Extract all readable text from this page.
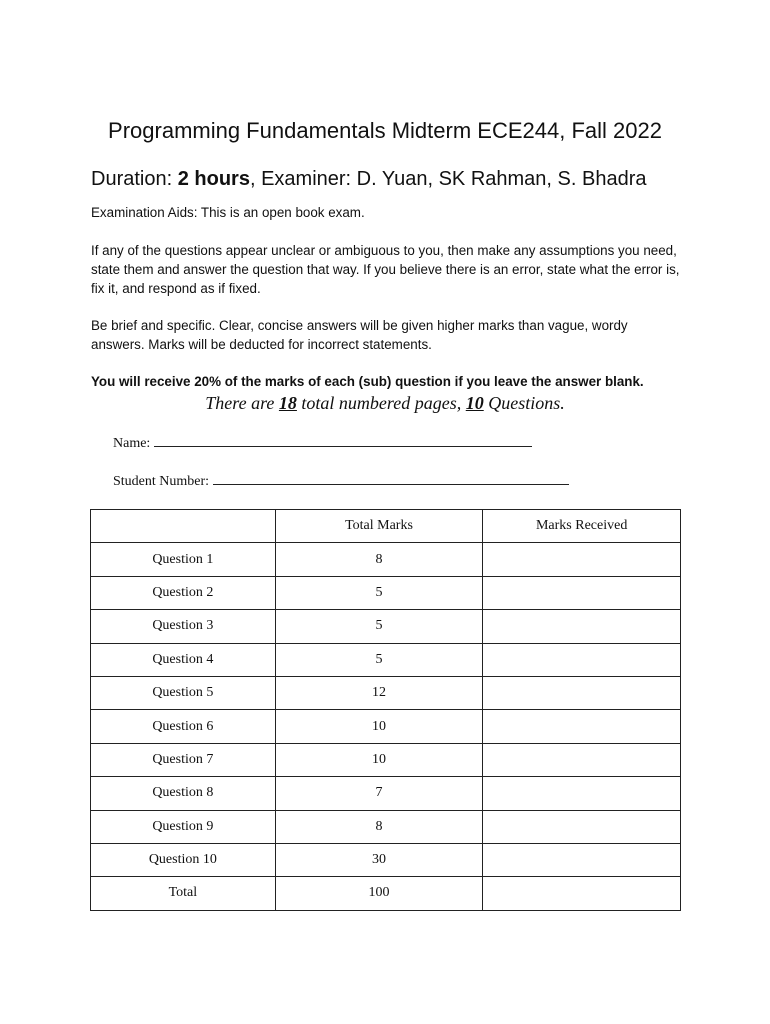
Programming Fundamentals Midterm ECE244, Fall 2022
Duration: 2 hours, Examiner: D. Yuan, SK Rahman, S. Bhadra

Examination Aids: This is an open book exam.

If any of the questions appear unclear or ambiguous to you, then make any assumptions you need, state them and answer the question that way. If you believe there is an error, state what the error is, fix it, and respond as if fixed.

Be brief and specific. Clear, concise answers will be given higher marks than vague, wordy answers. Marks will be deducted for incorrect statements.

You will receive 20% of the marks of each (sub) question if you leave the answer blank.

There are 18 total numbered pages, 10 Questions.
Name:
Student Number:
	Total Marks	Marks Received
Question 1	8	
Question 2	5	
Question 3	5	
Question 4	5	
Question 5	12	
Question 6	10	
Question 7	10	
Question 8	7	
Question 9	8	
Question 10	30	
Total	100	
